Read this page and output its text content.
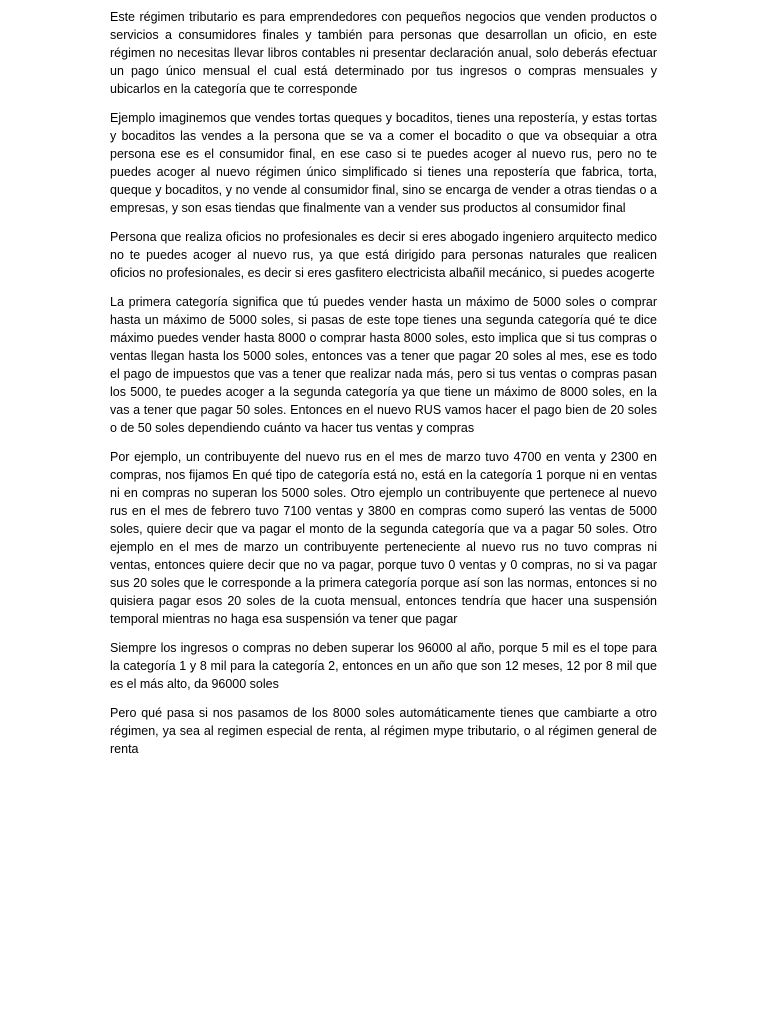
Este régimen tributario es para emprendedores con pequeños negocios que venden productos o servicios a consumidores finales y también para personas que desarrollan un oficio, en este régimen no necesitas llevar libros contables ni presentar declaración anual, solo deberás efectuar un pago único mensual el cual está determinado por tus ingresos o compras mensuales y ubicarlos en la categoría que te corresponde

Ejemplo imaginemos que vendes tortas queques y bocaditos, tienes una repostería, y estas tortas y bocaditos las vendes a la persona que se va a comer el bocadito o que va obsequiar a otra persona ese es el consumidor final, en ese caso si te puedes acoger al nuevo rus, pero no te puedes acoger al nuevo régimen único simplificado si tienes una repostería que fabrica, torta, queque y bocaditos, y no vende al consumidor final, sino se encarga de vender a otras tiendas o a empresas, y son esas tiendas que finalmente van a vender sus productos al consumidor final

Persona que realiza oficios no profesionales es decir si eres abogado ingeniero arquitecto medico no te puedes acoger al nuevo rus, ya que está dirigido para personas naturales que realicen oficios no profesionales, es decir si eres gasfitero electricista albañil mecánico, si puedes acogerte

La primera categoría significa que tú puedes vender hasta un máximo de 5000 soles o comprar hasta un máximo de 5000 soles, si pasas de este tope tienes una segunda categoría qué te dice máximo puedes vender hasta 8000 o comprar hasta 8000 soles, esto implica que si tus compras o ventas llegan hasta los 5000 soles, entonces vas a tener que pagar 20 soles al mes, ese es todo el pago de impuestos que vas a tener que realizar nada más, pero si tus ventas o compras pasan los 5000, te puedes acoger a la segunda categoría ya que tiene un máximo de 8000 soles, en la vas a tener que pagar 50 soles. Entonces en el nuevo RUS vamos hacer el pago bien de 20 soles o de 50 soles dependiendo cuánto va hacer tus ventas y compras

Por ejemplo, un contribuyente del nuevo rus en el mes de marzo tuvo 4700 en venta y 2300 en compras, nos fijamos En qué tipo de categoría está no, está en la categoría 1 porque ni en ventas ni en compras no superan los 5000 soles. Otro ejemplo un contribuyente que pertenece al nuevo rus en el mes de febrero tuvo 7100 ventas y 3800 en compras como superó las ventas de 5000 soles, quiere decir que va pagar el monto de la segunda categoría que va a pagar 50 soles. Otro ejemplo en el mes de marzo un contribuyente perteneciente al nuevo rus no tuvo compras ni ventas, entonces quiere decir que no va pagar, porque tuvo 0 ventas y 0 compras, no si va pagar sus 20 soles que le corresponde a la primera categoría porque así son las normas, entonces si no quisiera pagar esos 20 soles de la cuota mensual, entonces tendría que hacer una suspensión temporal mientras no haga esa suspensión va tener que pagar

Siempre los ingresos o compras no deben superar los 96000 al año, porque 5 mil es el tope para la categoría 1 y 8 mil para la categoría 2, entonces en un año que son 12 meses, 12 por 8 mil que es el más alto, da 96000 soles

Pero qué pasa si nos pasamos de los 8000 soles automáticamente tienes que cambiarte a otro régimen, ya sea al regimen especial de renta, al régimen mype tributario, o al régimen general de renta
